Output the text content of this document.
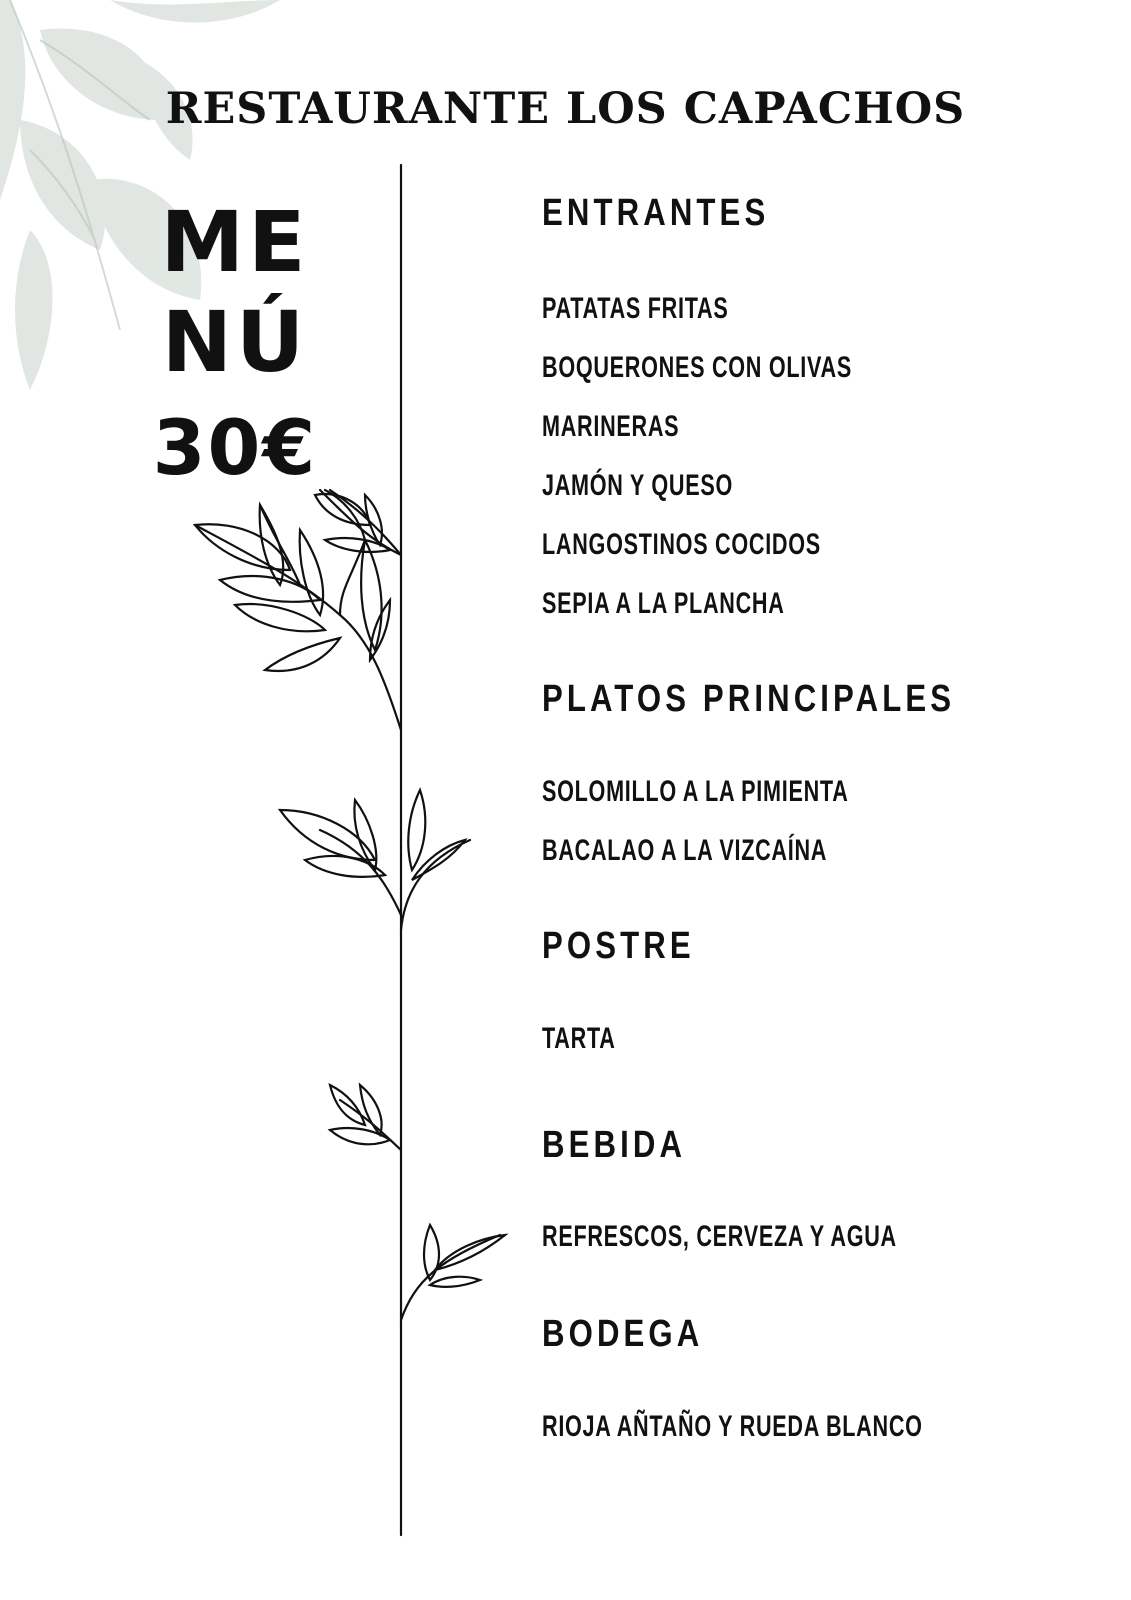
RESTAURANTE LOS CAPACHOS
ME
NÚ
30€
ENTRANTES

PATATAS FRITAS

BOQUERONES CON OLIVAS

MARINERAS

JAMÓN Y QUESO

LANGOSTINOS COCIDOS

SEPIA A LA PLANCHA

PLATOS PRINCIPALES

SOLOMILLO A LA PIMIENTA

BACALAO A LA VIZCAÍNA

POSTRE

TARTA

BEBIDA

REFRESCOS, CERVEZA Y AGUA

BODEGA

RIOJA AÑTAÑO Y RUEDA BLANCO
